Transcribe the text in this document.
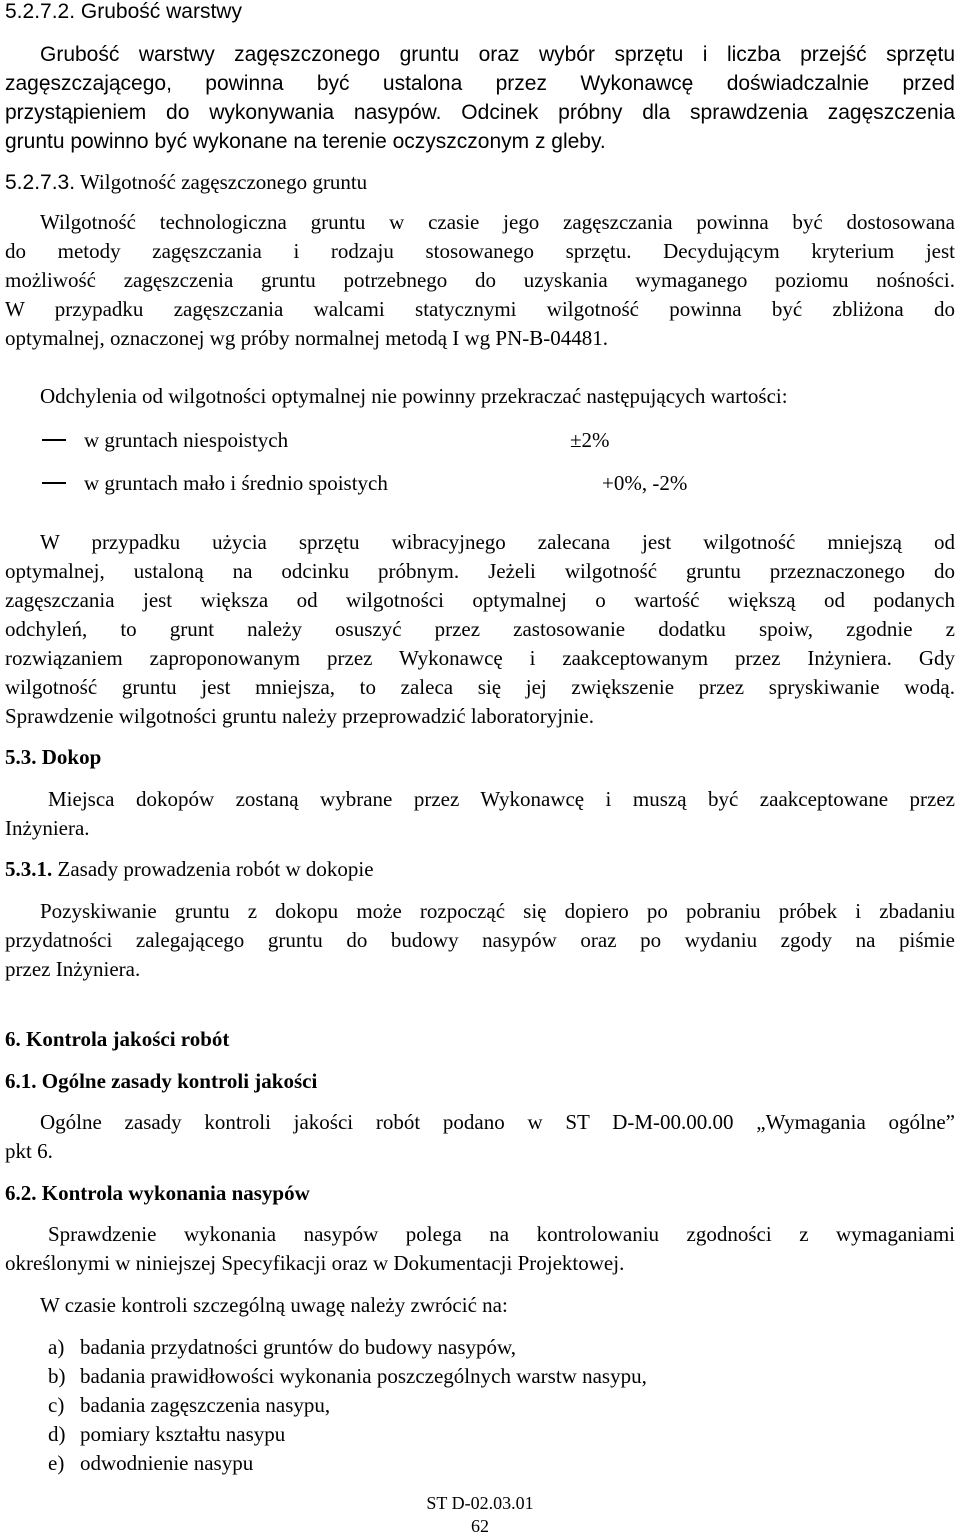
5.2.7.2. Grubość warstwy
Grubość warstwy zagęszczonego gruntu oraz wybór sprzętu i liczba przejść sprzętu
zagęszczającego, powinna być ustalona przez Wykonawcę doświadczalnie przed
przystąpieniem do wykonywania nasypów. Odcinek próbny dla sprawdzenia zagęszczenia
gruntu powinno być wykonane na terenie oczyszczonym z gleby.
5.2.7.3. Wilgotność zagęszczonego gruntu
Wilgotność technologiczna gruntu w czasie jego zagęszczania powinna być dostosowana
do metody zagęszczania i rodzaju stosowanego sprzętu. Decydującym kryterium jest
możliwość zagęszczenia gruntu potrzebnego do uzyskania wymaganego poziomu nośności.
W przypadku zagęszczania walcami statycznymi wilgotność powinna być zbliżona do
optymalnej, oznaczonej wg próby normalnej metodą I wg PN-B-04481.
Odchylenia od wilgotności optymalnej nie powinny przekraczać następujących wartości:
w gruntach niespoistych	±2%
w gruntach mało i średnio spoistych	+0%, -2%
W przypadku użycia sprzętu wibracyjnego zalecana jest wilgotność mniejszą od
optymalnej, ustaloną na odcinku próbnym. Jeżeli wilgotność gruntu przeznaczonego do
zagęszczania jest większa od wilgotności optymalnej o wartość większą od podanych
odchyleń, to grunt należy osuszyć przez zastosowanie dodatku spoiw, zgodnie z
rozwiązaniem zaproponowanym przez Wykonawcę i zaakceptowanym przez Inżyniera. Gdy
wilgotność gruntu jest mniejsza, to zaleca się jej zwiększenie przez spryskiwanie wodą.
Sprawdzenie wilgotności gruntu należy przeprowadzić laboratoryjnie.
5.3. Dokop
Miejsca dokopów zostaną wybrane przez Wykonawcę i muszą być zaakceptowane przez
Inżyniera.
5.3.1. Zasady prowadzenia robót w dokopie
Pozyskiwanie gruntu z dokopu może rozpocząć się dopiero po pobraniu próbek i zbadaniu
przydatności zalegającego gruntu do budowy nasypów oraz po wydaniu zgody na piśmie
przez Inżyniera.
6. Kontrola jakości robót
6.1. Ogólne zasady kontroli jakości
Ogólne zasady kontroli jakości robót podano w ST D-M-00.00.00 „Wymagania ogólne”
pkt 6.
6.2. Kontrola wykonania nasypów
Sprawdzenie wykonania nasypów polega na kontrolowaniu zgodności z wymaganiami
określonymi w niniejszej Specyfikacji oraz w Dokumentacji Projektowej.
W czasie kontroli szczególną uwagę należy zwrócić na:
a) badania przydatności gruntów do budowy nasypów,
b) badania prawidłowości wykonania poszczególnych warstw nasypu,
c) badania zagęszczenia nasypu,
d) pomiary kształtu nasypu
e) odwodnienie nasypu
ST D-02.03.01
62
